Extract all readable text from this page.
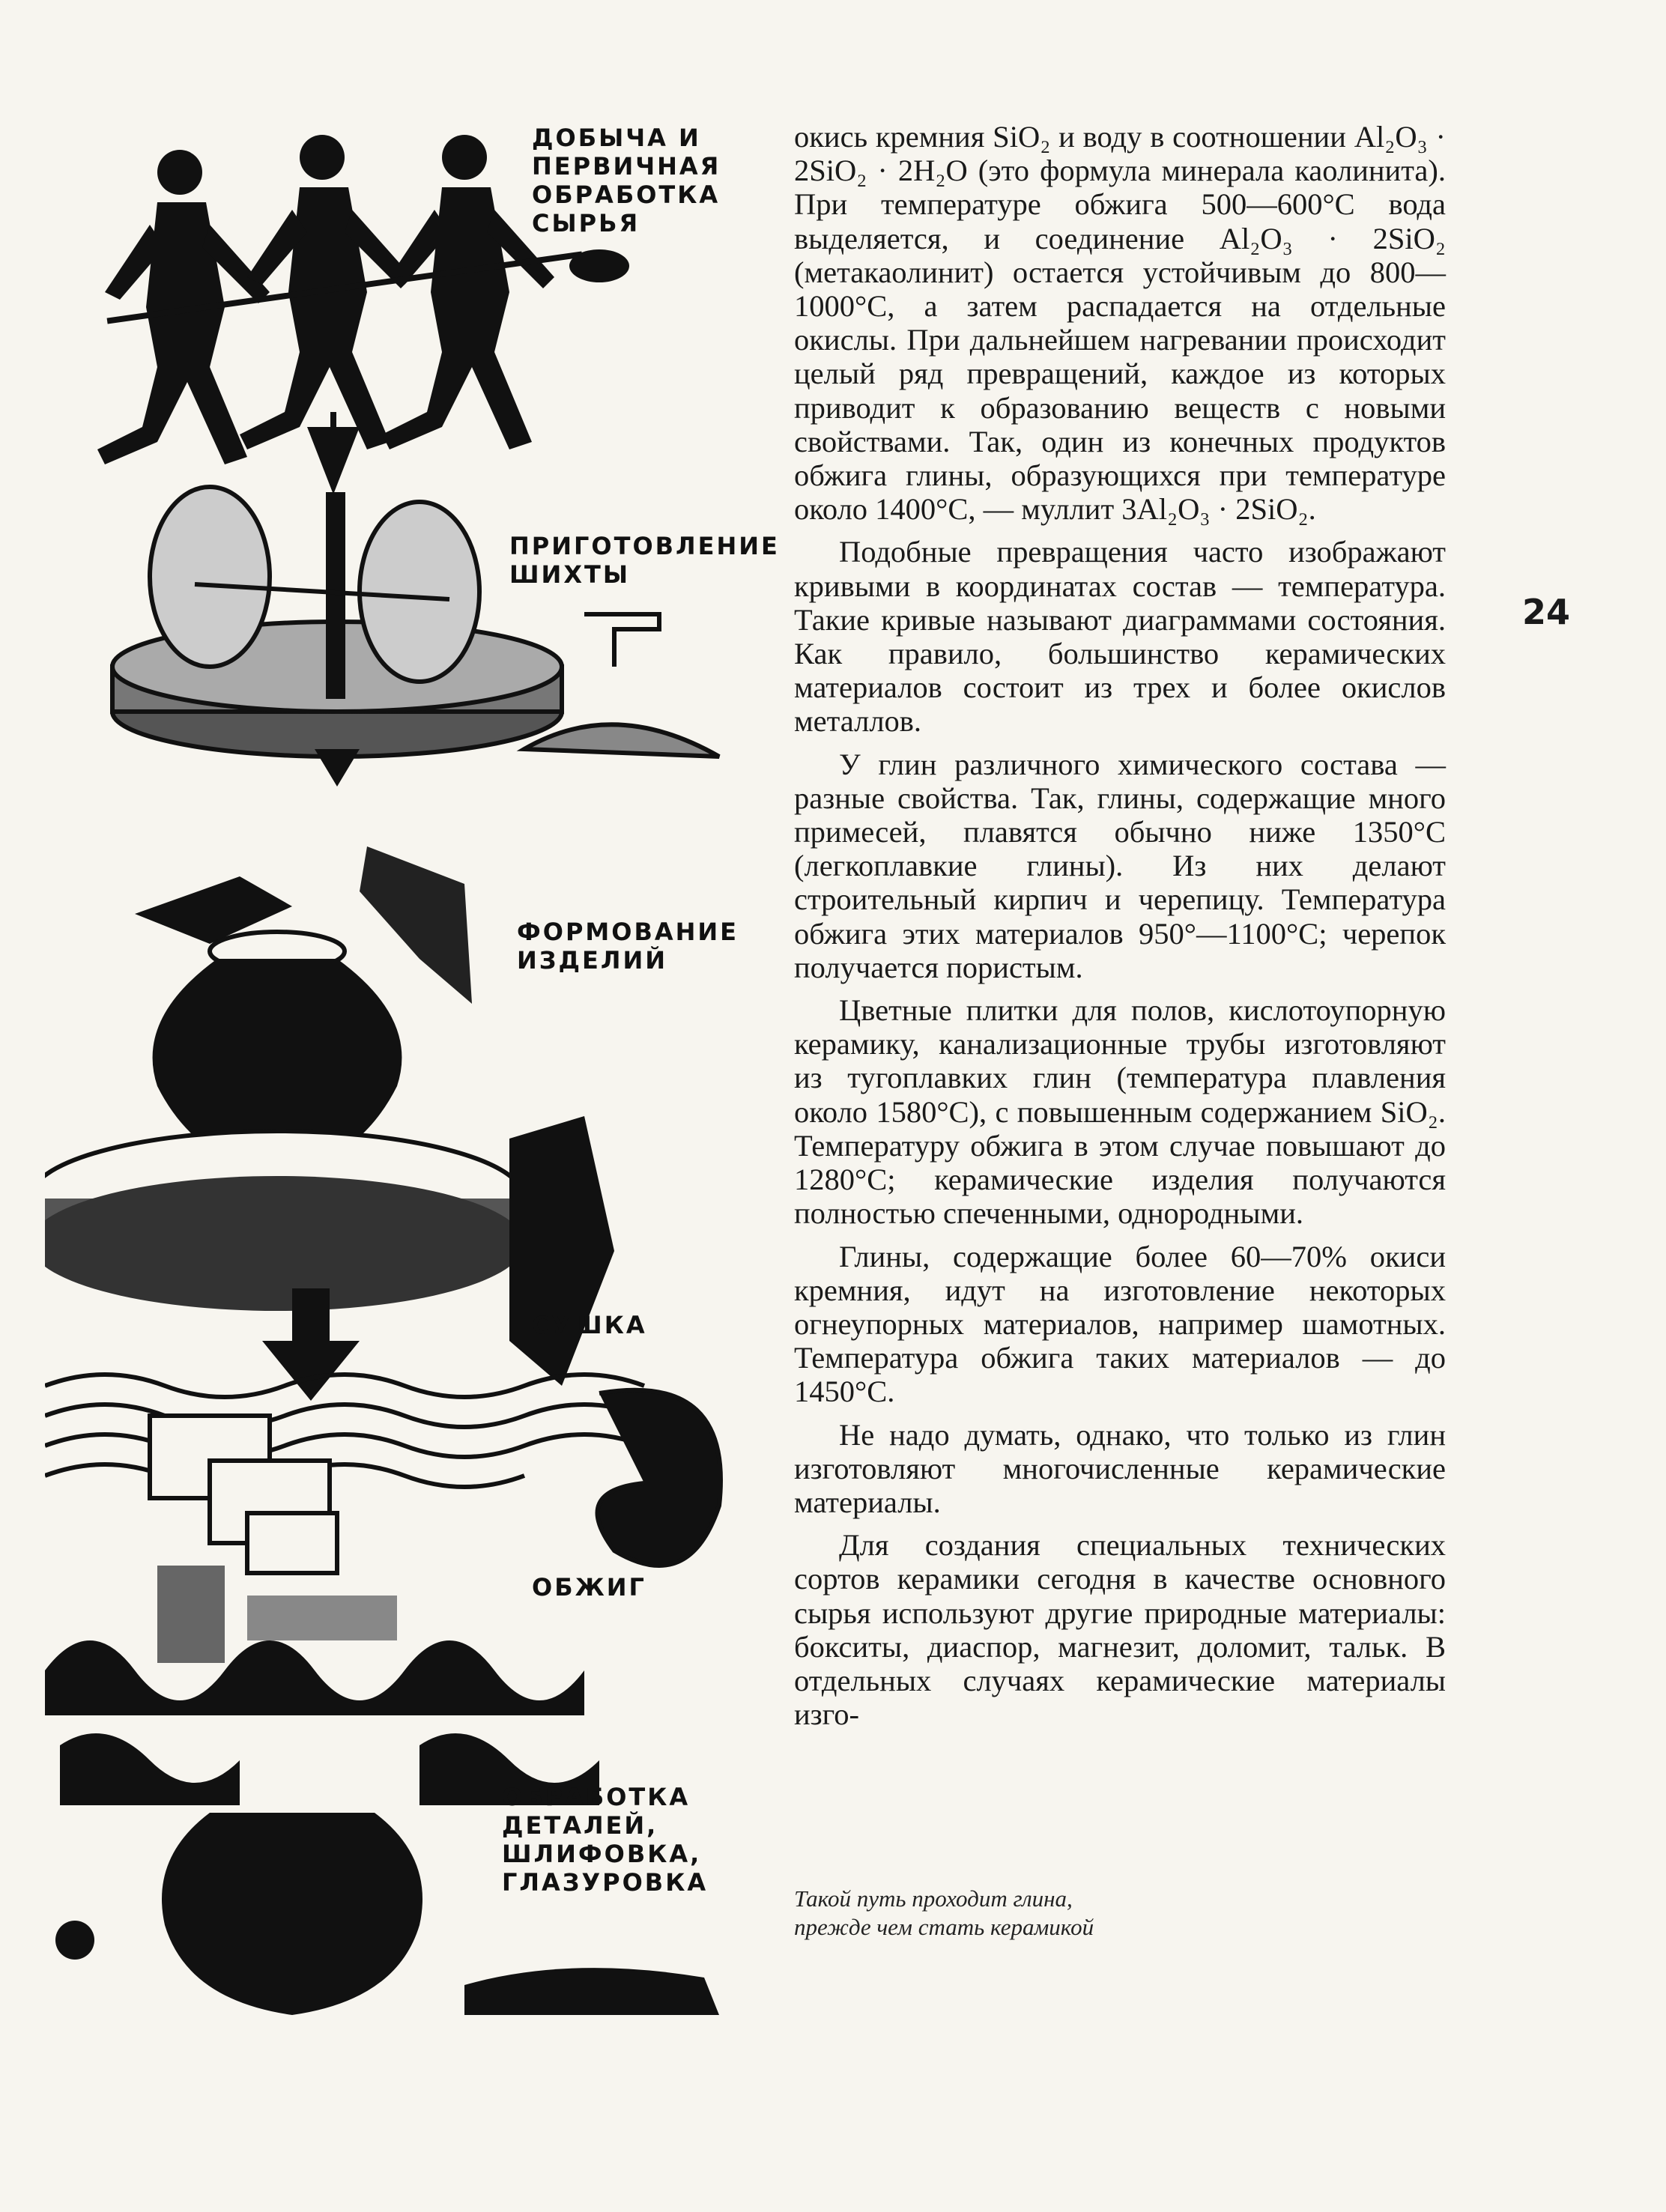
ДОБЫЧА И
ПЕРВИЧНАЯ
ОБРАБОТКА
СЫРЬЯ
ПРИГОТОВЛЕНИЕ
ШИХТЫ
ФОРМОВАНИЕ
ИЗДЕЛИЙ
СУШКА
ОБЖИГ
ОБРАБОТКА
ДЕТАЛЕЙ,
ШЛИФОВКА,
ГЛАЗУРОВКА
24

окись кремния SiO₂ и воду в соотношении Al₂O₃ · 2SiO₂ · 2H₂O (это формула минерала каолинита). При температуре обжига 500—600°С вода выделяется, и соединение Al₂O₃ · 2SiO₂ (метакаолинит) остается устойчивым до 800—1000°С, а затем распадается на отдельные окислы. При дальнейшем нагревании происходит целый ряд превращений, каждое из которых приводит к образованию веществ с новыми свойствами. Так, один из конечных продуктов обжига глины, образующихся при температуре около 1400°С, — муллит 3Al₂O₃ · 2SiO₂.

Подобные превращения часто изображают кривыми в координатах состав — температура. Такие кривые называют диаграммами состояния. Как правило, большинство керамических материалов состоит из трех и более окислов металлов.

У глин различного химического состава — разные свойства. Так, глины, содержащие много примесей, плавятся обычно ниже 1350°С (легкоплавкие глины). Из них делают строительный кирпич и черепицу. Температура обжига этих материалов 950°—1100°С; черепок получается пористым.

Цветные плитки для полов, кислотоупорную керамику, канализационные трубы изготовляют из тугоплавких глин (температура плавления около 1580°С), с повышенным содержанием SiO₂. Температуру обжига в этом случае повышают до 1280°С; керамические изделия получаются полностью спеченными, однородными.

Глины, содержащие более 60—70% окиси кремния, идут на изготовление некоторых огнеупорных материалов, например шамотных. Температура обжига таких материалов — до 1450°С.

Не надо думать, однако, что только из глин изготовляют многочисленные керамические материалы.

Для создания специальных технических сортов керамики сегодня в качестве основного сырья используют другие природные материалы: бокситы, диаспор, магнезит, доломит, тальк. В отдельных случаях керамические материалы изго-

Такой путь проходит глина,
прежде чем стать керамикой
